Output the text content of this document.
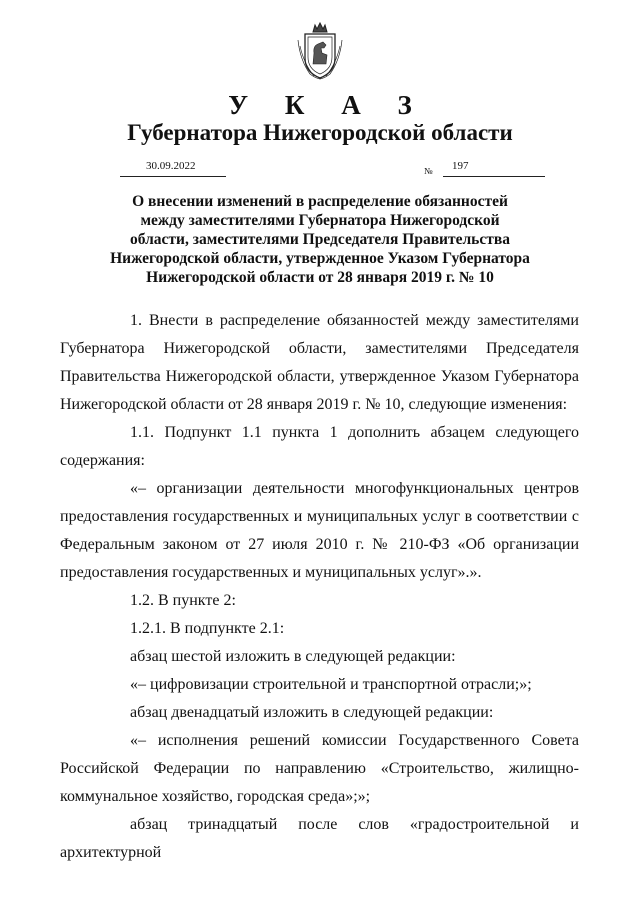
У К А З
Губернатора Нижегородской области
30.09.2022	№ 197
О внесении изменений в распределение обязанностей между заместителями Губернатора Нижегородской области, заместителями Председателя Правительства Нижегородской области, утвержденное Указом Губернатора Нижегородской области от 28 января 2019 г. № 10

1. Внести в распределение обязанностей между заместителями Губернатора Нижегородской области, заместителями Председателя Правительства Нижегородской области, утвержденное Указом Губернатора Нижегородской области от 28 января 2019 г. № 10, следующие изменения:

1.1. Подпункт 1.1 пункта 1 дополнить абзацем следующего содержания:

«– организации деятельности многофункциональных центров предоставления государственных и муниципальных услуг в соответствии с Федеральным законом от 27 июля 2010 г. № 210-ФЗ «Об организации предоставления государственных и муниципальных услуг».».

1.2. В пункте 2:

1.2.1. В подпункте 2.1:

абзац шестой изложить в следующей редакции:

«– цифровизации строительной и транспортной отрасли;»;

абзац двенадцатый изложить в следующей редакции:

«– исполнения решений комиссии Государственного Совета Российской Федерации по направлению «Строительство, жилищно-коммунальное хозяйство, городская среда»;»;

абзац тринадцатый после слов «градостроительной и архитектурной
